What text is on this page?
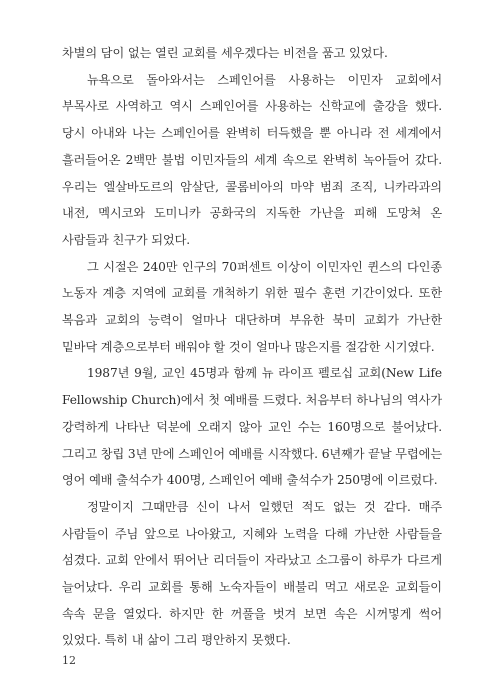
차별의 담이 없는 열린 교회를 세우겠다는 비전을 품고 있었다.

뉴욕으로 돌아와서는 스페인어를 사용하는 이민자 교회에서 부목사로 사역하고 역시 스페인어를 사용하는 신학교에 출강을 했다. 당시 아내와 나는 스페인어를 완벽히 터득했을 뿐 아니라 전 세계에서 흘러들어온 2백만 불법 이민자들의 세계 속으로 완벽히 녹아들어 갔다. 우리는 엘살바도르의 암살단, 콜롬비아의 마약 범죄 조직, 니카라과의 내전, 멕시코와 도미니카 공화국의 지독한 가난을 피해 도망쳐 온 사람들과 친구가 되었다.

그 시절은 240만 인구의 70퍼센트 이상이 이민자인 퀸스의 다인종 노동자 계층 지역에 교회를 개척하기 위한 필수 훈련 기간이었다. 또한 복음과 교회의 능력이 얼마나 대단하며 부유한 북미 교회가 가난한 밑바닥 계층으로부터 배워야 할 것이 얼마나 많은지를 절감한 시기였다.

1987년 9월, 교인 45명과 함께 뉴 라이프 펠로십 교회(New Life Fellowship Church)에서 첫 예배를 드렸다. 처음부터 하나님의 역사가 강력하게 나타난 덕분에 오래지 않아 교인 수는 160명으로 불어났다. 그리고 창립 3년 만에 스페인어 예배를 시작했다. 6년째가 끝날 무렵에는 영어 예배 출석수가 400명, 스페인어 예배 출석수가 250명에 이르렀다.

정말이지 그때만큼 신이 나서 일했던 적도 없는 것 같다. 매주 사람들이 주님 앞으로 나아왔고, 지혜와 노력을 다해 가난한 사람들을 섬겼다. 교회 안에서 뛰어난 리더들이 자라났고 소그룹이 하루가 다르게 늘어났다. 우리 교회를 통해 노숙자들이 배불리 먹고 새로운 교회들이 속속 문을 열었다. 하지만 한 꺼풀을 벗겨 보면 속은 시꺼멓게 썩어 있었다. 특히 내 삶이 그리 평안하지 못했다.

12
